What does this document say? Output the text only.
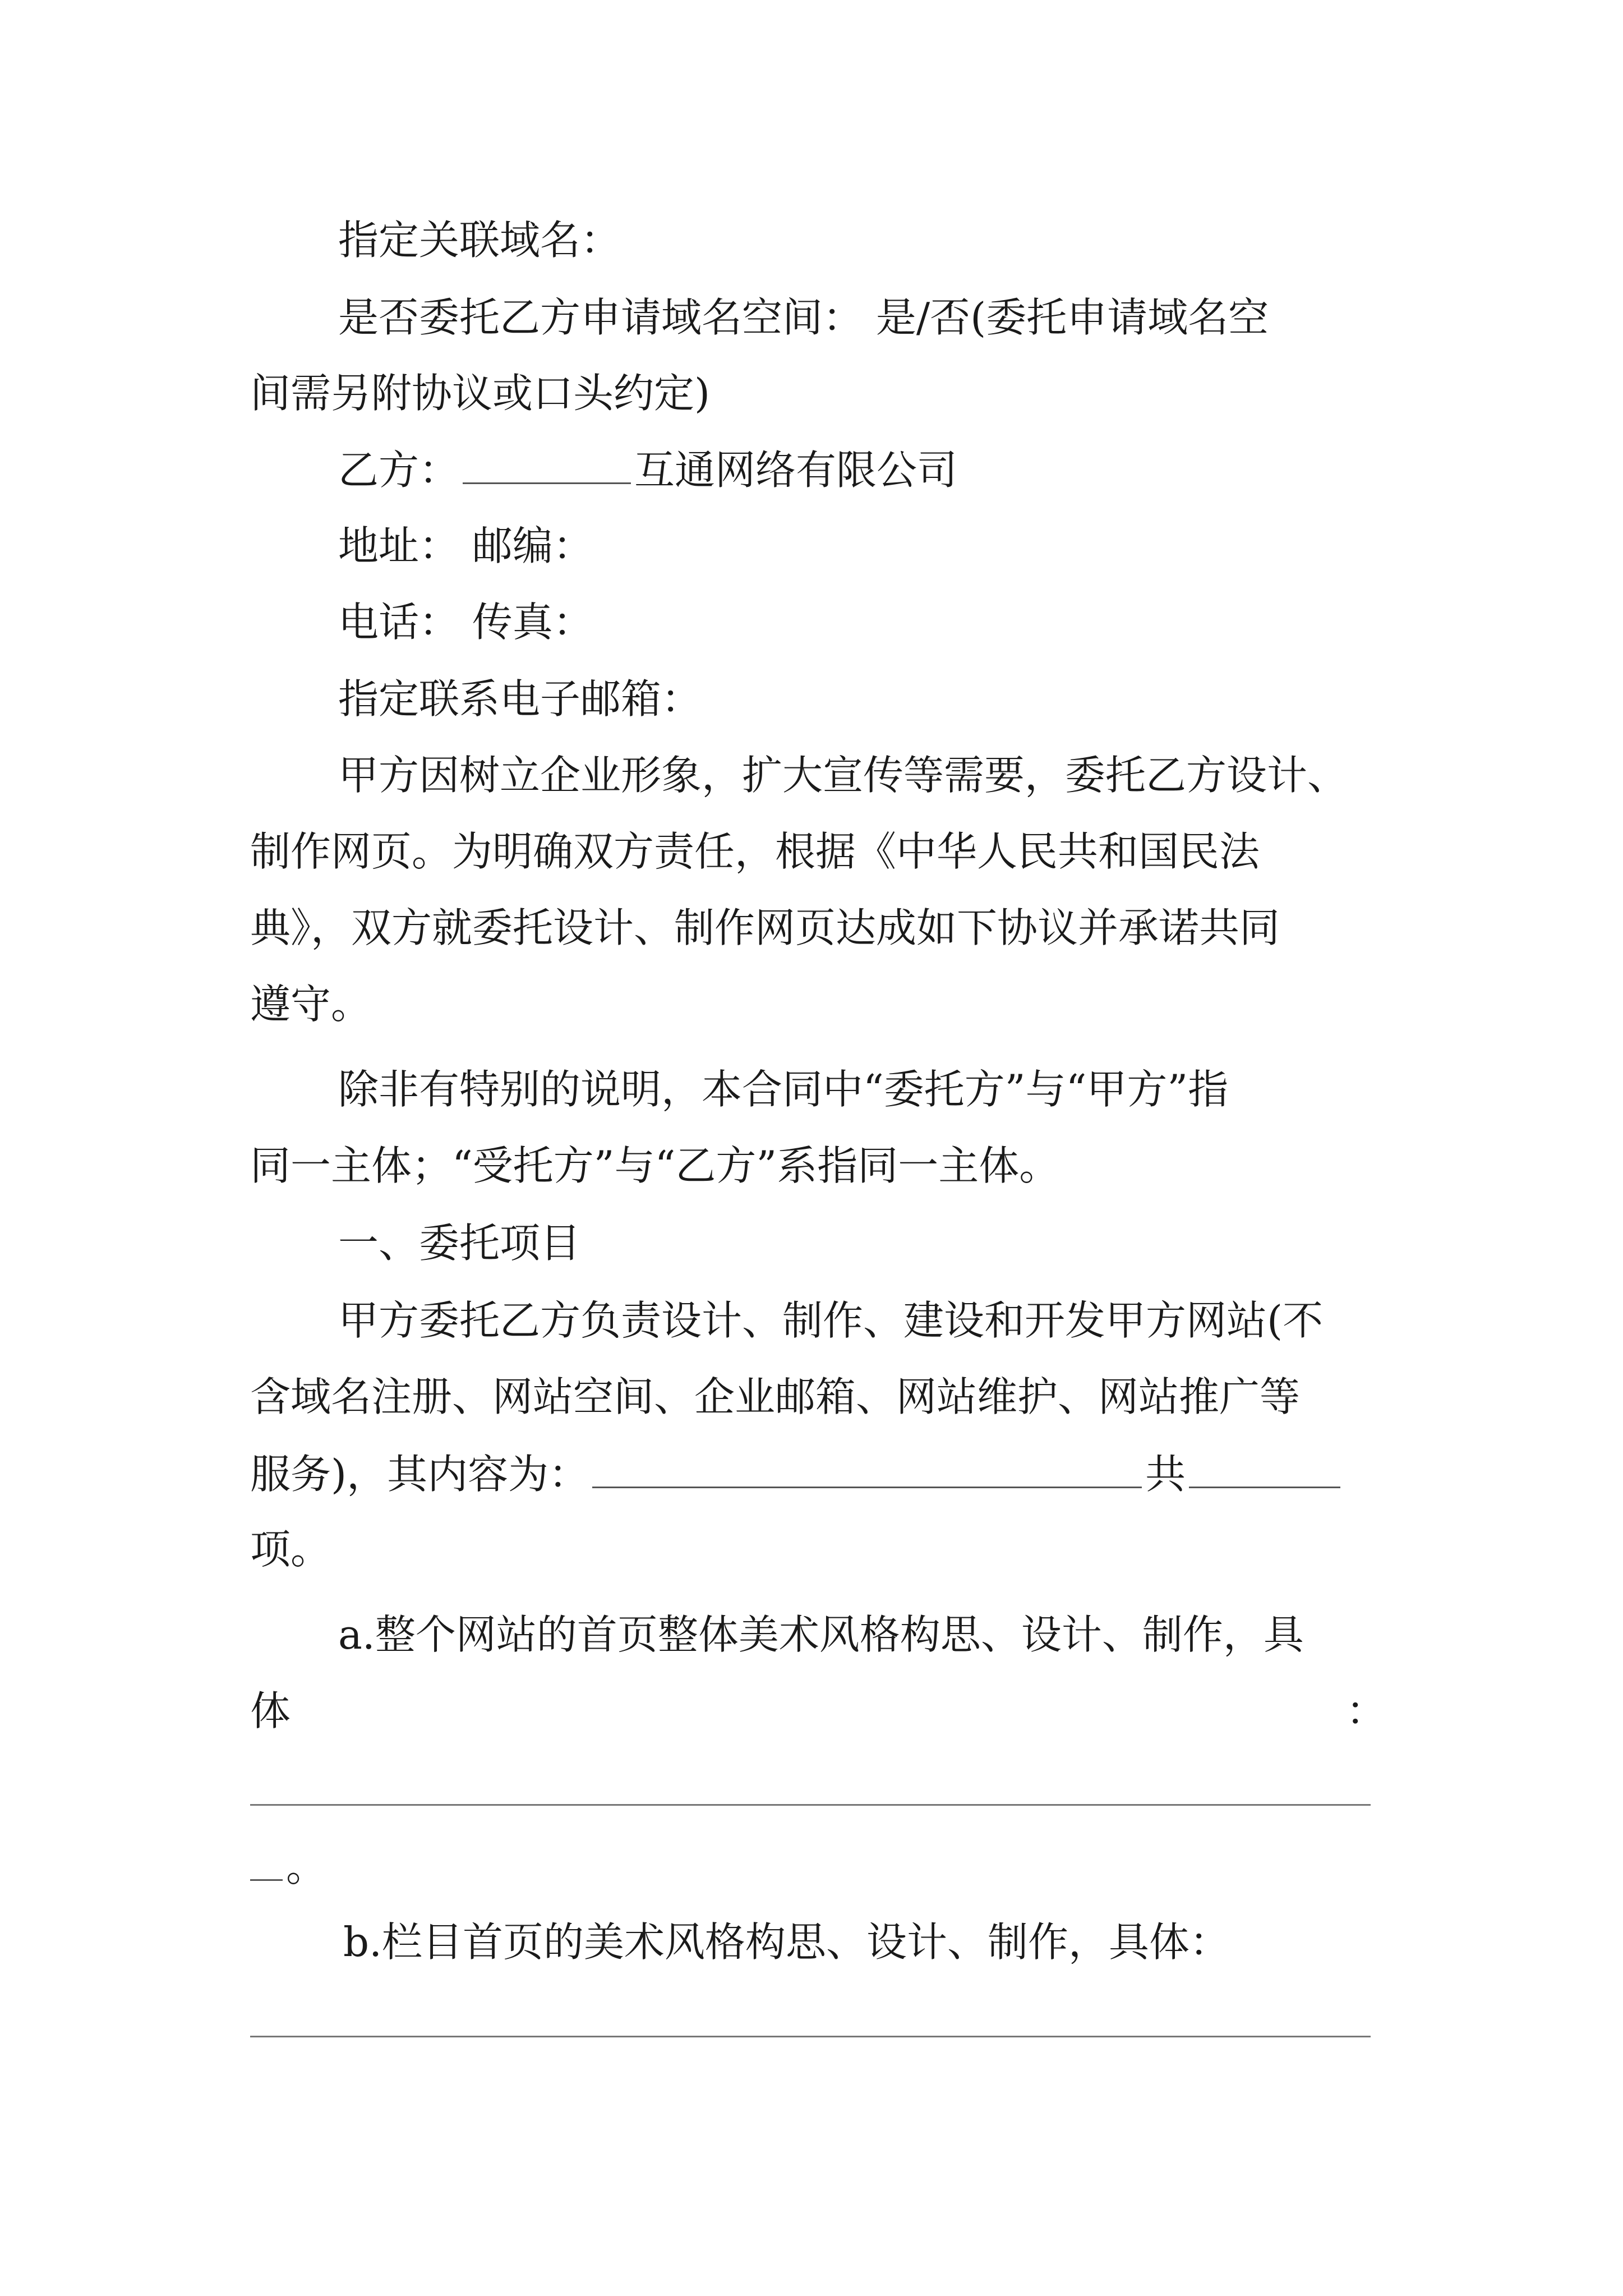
指定关联域名：
是否委托乙方申请域名空间： 是/否(委托申请域名空
间需另附协议或口头约定)
乙方：	互通网络有限公司
地址： 邮编：
电话： 传真：
指定联系电子邮箱：
甲方因树立企业形象，扩大宣传等需要，委托乙方设计、
制作网页。为明确双方责任，根据《中华人民共和国民法
典》，双方就委托设计、制作网页达成如下协议并承诺共同
遵守。
除非有特别的说明，本合同中“委托方”与“甲方”指
同一主体；“受托方”与“乙方”系指同一主体。
一、委托项目
甲方委托乙方负责设计、制作、建设和开发甲方网站(不
含域名注册、网站空间、企业邮箱、网站维护、网站推广等
服务)，其内容为：	共
项。
a.整个网站的首页整体美术风格构思、设计、制作，具
体	：
。
b.栏目首页的美术风格构思、设计、制作，具体：
